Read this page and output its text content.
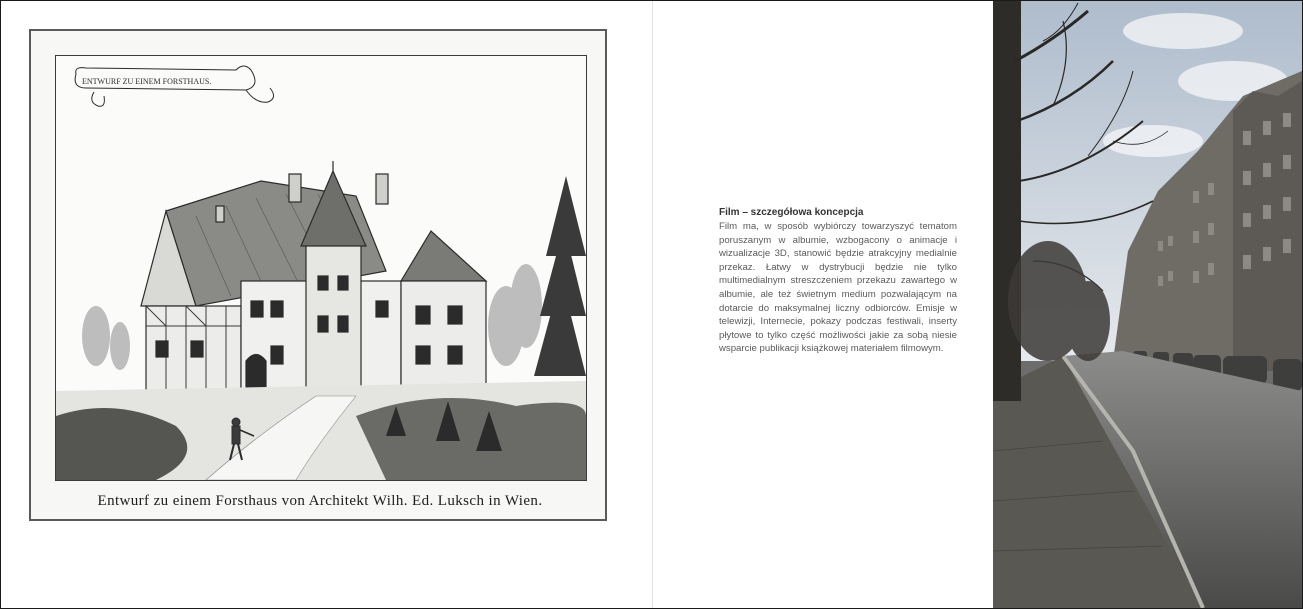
ENTWURF ZU EINEM FORSTHAUS.
Entwurf zu einem Forsthaus von Architekt Wilh. Ed. Luksch in Wien.
Film – szczegółowa koncepcja
Film ma, w sposób wybiórczy towarzyszyć tematom poruszanym w albumie, wzbogacony o animacje i wizualizacje 3D, stanowić będzie atrakcyjny medialnie przekaz. Łatwy w dystrybucji będzie nie tylko multimedialnym streszczeniem przekazu zawartego w albumie, ale też świetnym medium pozwalającym na dotarcie do maksymalnej liczny odbiorców. Emisje w telewizji, Internecie, pokazy podczas festiwali, inserty płytowe to tylko część możliwości jakie za sobą niesie wsparcie publikacji książkowej materiałem filmowym.
